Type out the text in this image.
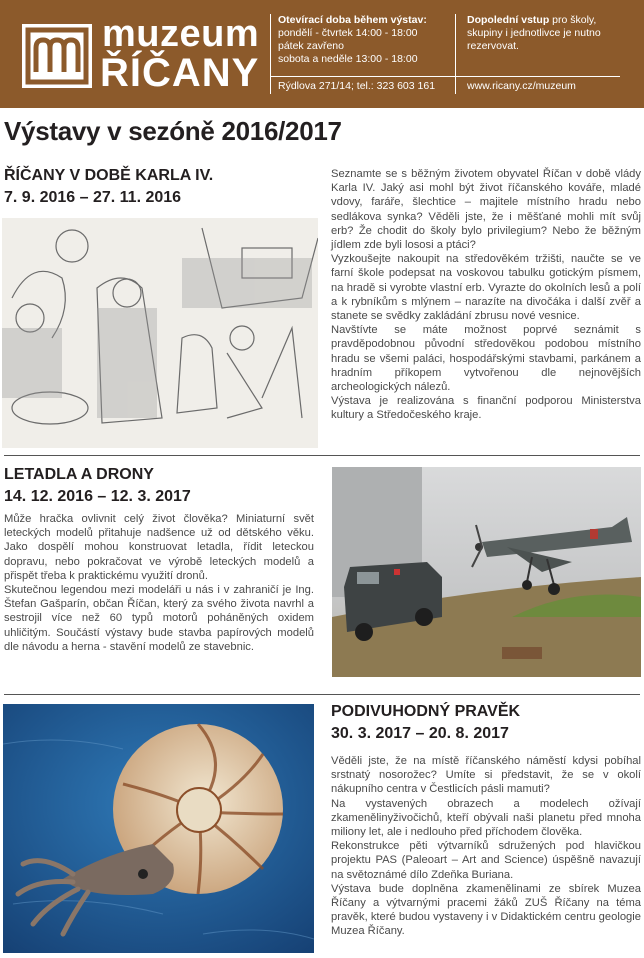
muzeum
ŘÍČANY
Otevírací doba během výstav:
pondělí - čtvrtek 14:00 - 18:00
pátek zavřeno
sobota a neděle 13:00 - 18:00
Dopolední vstup pro školy, skupiny i jednotlivce je nutno rezervovat.
Rýdlova 271/14; tel.: 323 603 161	www.ricany.cz/muzeum
Výstavy v sezóně 2016/2017
ŘÍČANY V DOBĚ KARLA IV.
7. 9. 2016 – 27. 11. 2016

Seznamte se s běžným životem obyvatel Říčan v době vlády Karla IV. Jaký asi mohl být život říčanského kováře, mladé vdovy, faráře, šlechtice – majitele místního hradu nebo sedlákova synka? Věděli jste, že i měšťané mohli mít svůj erb? Že chodit do školy bylo privilegium? Nebo že běžným jídlem zde byli lososi a ptáci?

Vyzkoušejte nakoupit na středověkém tržišti, naučte se ve farní škole podepsat na voskovou tabulku gotickým písmem, na hradě si vyrobte vlastní erb. Vyrazte do okolních lesů a polí a k rybníkům s mlýnem – narazíte na divočáka i další zvěř a stanete se svědky zakládání zbrusu nové vesnice.

Navštívte se máte možnost poprvé seznámit s pravděpodobnou původní středověkou podobou místního hradu se všemi paláci, hospodářskými stavbami, parkánem a hradním příkopem vytvořenou dle nejnovějších archeologických nálezů.

Výstava je realizována s finanční podporou Ministerstva kultury a Středočeského kraje.

LETADLA A DRONY
14. 12. 2016 – 12. 3. 2017

Může hračka ovlivnit celý život člověka? Miniaturní svět leteckých modelů přitahuje nadšence už od dětského věku. Jako dospělí mohou konstruovat letadla, řídit leteckou dopravu, nebo pokračovat ve výrobě leteckých modelů a přispět třeba k praktickému využití dronů.

Skutečnou legendou mezi modeláři u nás i v zahraničí je Ing. Štefan Gašparín, občan Říčan, který za svého života navrhl a sestrojil více než 60 typů motorů poháněných oxidem uhličitým. Součástí výstavy bude stavba papírových modelů dle návodu a herna - stavění modelů ze stavebnic.

PODIVUHODNÝ PRAVĚK
30. 3. 2017 – 20. 8. 2017

Věděli jste, že na místě říčanského náměstí kdysi pobíhal srstnatý nosorožec? Umíte si představit, že se v okolí nákupního centra v Čestlicích pásli mamuti?

Na vystavených obrazech a modelech ožívají zkamenělinyživočichů, kteří obývali naši planetu před mnoha miliony let, ale i nedlouho před příchodem člověka.

Rekonstrukce pěti výtvarníků sdružených pod hlavičkou projektu PAS (Paleoart – Art and Science) úspěšně navazují na světoznámé dílo Zdeňka Buriana.

Výstava bude doplněna zkamenělinami ze sbírek Muzea Říčany a výtvarnými pracemi žáků ZUŠ Říčany na téma pravěk, které budou vystaveny i v Didaktickém centru geologie Muzea Říčany.
